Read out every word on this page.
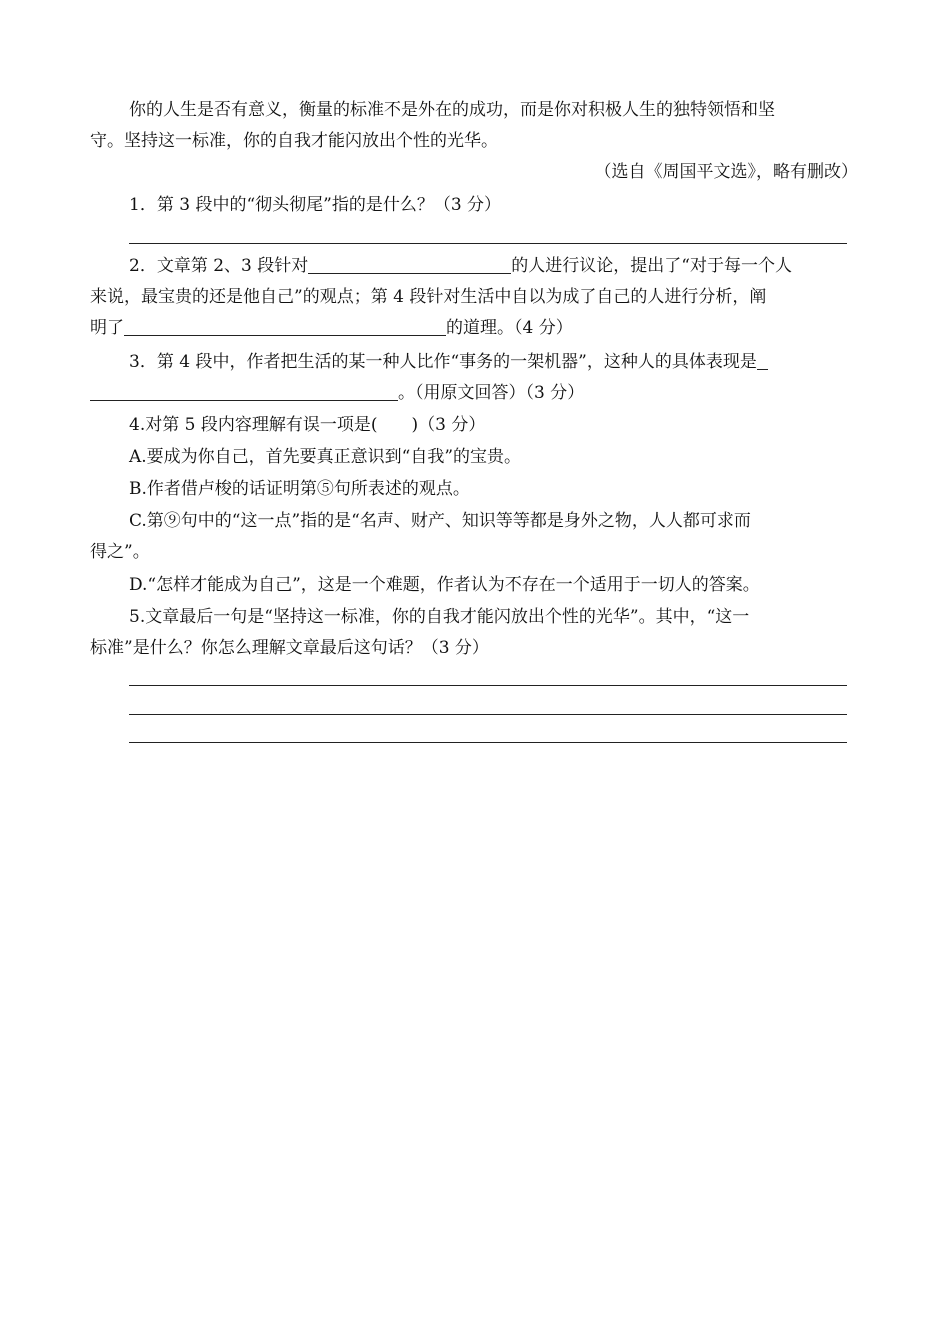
你的人生是否有意义，衡量的标准不是外在的成功，而是你对积极人生的独特领悟和坚
守。坚持这一标准，你的自我才能闪放出个性的光华。
（选自《周国平文选》，略有删改）
1．第 3 段中的“彻头彻尾”指的是什么？（3 分）
2．文章第 2、3 段针对	的人进行议论，提出了“对于每一个人
来说，最宝贵的还是他自己”的观点；第 4 段针对生活中自以为成了自己的人进行分析，阐
明了	的道理。（4 分）
3．第 4 段中，作者把生活的某一种人比作“事务的一架机器”，这种人的具体表现是
。（用原文回答）（3 分）
4.对第 5 段内容理解有误一项是(　　)（3 分）
A.要成为你自己，首先要真正意识到“自我”的宝贵。
B.作者借卢梭的话证明第⑤句所表述的观点。
C.第⑨句中的“这一点”指的是“名声、财产、知识等等都是身外之物，人人都可求而
得之”。
D.“怎样才能成为自己”，这是一个难题，作者认为不存在一个适用于一切人的答案。
5.文章最后一句是“坚持这一标准，你的自我才能闪放出个性的光华”。其中，“这一
标准”是什么？你怎么理解文章最后这句话？（3 分）
